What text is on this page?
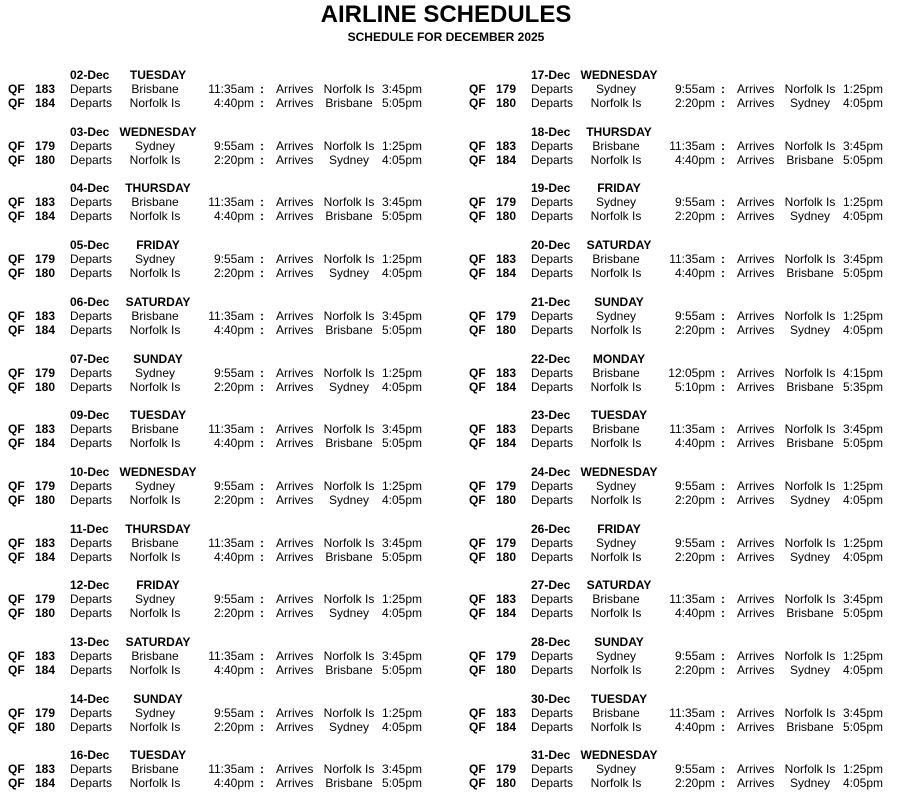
AIRLINE SCHEDULES
SCHEDULE FOR DECEMBER 2025
02-Dec TUESDAY
QF 183 Departs Brisbane 11:35am : Arrives Norfolk Is 3:45pm
QF 184 Departs Norfolk Is	4:40pm : Arrives Brisbane 5:05pm
03-Dec WEDNESDAY
QF 179 Departs Sydney	9:55am : Arrives Norfolk Is 1:25pm
QF 180 Departs Norfolk Is	2:20pm : Arrives Sydney 4:05pm
04-Dec THURSDAY
QF 183 Departs Brisbane 11:35am : Arrives Norfolk Is 3:45pm
QF 184 Departs Norfolk Is	4:40pm : Arrives Brisbane 5:05pm
05-Dec FRIDAY
QF 179 Departs Sydney	9:55am : Arrives Norfolk Is 1:25pm
QF 180 Departs Norfolk Is	2:20pm : Arrives Sydney 4:05pm
06-Dec SATURDAY
QF 183 Departs Brisbane 11:35am : Arrives Norfolk Is 3:45pm
QF 184 Departs Norfolk Is	4:40pm : Arrives Brisbane 5:05pm
07-Dec SUNDAY
QF 179 Departs Sydney	9:55am : Arrives Norfolk Is 1:25pm
QF 180 Departs Norfolk Is	2:20pm : Arrives Sydney 4:05pm
09-Dec TUESDAY
QF 183 Departs Brisbane 11:35am : Arrives Norfolk Is 3:45pm
QF 184 Departs Norfolk Is	4:40pm : Arrives Brisbane 5:05pm
10-Dec WEDNESDAY
QF 179 Departs Sydney	9:55am : Arrives Norfolk Is 1:25pm
QF 180 Departs Norfolk Is	2:20pm : Arrives Sydney 4:05pm
11-Dec THURSDAY
QF 183 Departs Brisbane 11:35am : Arrives Norfolk Is 3:45pm
QF 184 Departs Norfolk Is	4:40pm : Arrives Brisbane 5:05pm
12-Dec FRIDAY
QF 179 Departs Sydney	9:55am : Arrives Norfolk Is 1:25pm
QF 180 Departs Norfolk Is	2:20pm : Arrives Sydney 4:05pm
13-Dec SATURDAY
QF 183 Departs Brisbane 11:35am : Arrives Norfolk Is 3:45pm
QF 184 Departs Norfolk Is	4:40pm : Arrives Brisbane 5:05pm
14-Dec SUNDAY
QF 179 Departs Sydney	9:55am : Arrives Norfolk Is 1:25pm
QF 180 Departs Norfolk Is	2:20pm : Arrives Sydney 4:05pm
16-Dec TUESDAY
QF 183 Departs Brisbane 11:35am : Arrives Norfolk Is 3:45pm
QF 184 Departs Norfolk Is	4:40pm : Arrives Brisbane 5:05pm
17-Dec WEDNESDAY
QF 179 Departs Sydney	9:55am : Arrives Norfolk Is 1:25pm
QF 180 Departs Norfolk Is	2:20pm : Arrives Sydney 4:05pm
18-Dec THURSDAY
QF 183 Departs Brisbane 11:35am : Arrives Norfolk Is 3:45pm
QF 184 Departs Norfolk Is	4:40pm : Arrives Brisbane 5:05pm
19-Dec FRIDAY
QF 179 Departs Sydney	9:55am : Arrives Norfolk Is 1:25pm
QF 180 Departs Norfolk Is	2:20pm : Arrives Sydney 4:05pm
20-Dec SATURDAY
QF 183 Departs Brisbane 11:35am : Arrives Norfolk Is 3:45pm
QF 184 Departs Norfolk Is	4:40pm : Arrives Brisbane 5:05pm
21-Dec SUNDAY
QF 179 Departs Sydney	9:55am : Arrives Norfolk Is 1:25pm
QF 180 Departs Norfolk Is	2:20pm : Arrives Sydney 4:05pm
22-Dec MONDAY
QF 183 Departs Brisbane 12:05pm : Arrives Norfolk Is 4:15pm
QF 184 Departs Norfolk Is	5:10pm : Arrives Brisbane 5:35pm
23-Dec TUESDAY
QF 183 Departs Brisbane 11:35am : Arrives Norfolk Is 3:45pm
QF 184 Departs Norfolk Is	4:40pm : Arrives Brisbane 5:05pm
24-Dec WEDNESDAY
QF 179 Departs Sydney	9:55am : Arrives Norfolk Is 1:25pm
QF 180 Departs Norfolk Is	2:20pm : Arrives Sydney 4:05pm
26-Dec FRIDAY
QF 179 Departs Sydney	9:55am : Arrives Norfolk Is 1:25pm
QF 180 Departs Norfolk Is	2:20pm : Arrives Sydney 4:05pm
27-Dec SATURDAY
QF 183 Departs Brisbane 11:35am : Arrives Norfolk Is 3:45pm
QF 184 Departs Norfolk Is	4:40pm : Arrives Brisbane 5:05pm
28-Dec SUNDAY
QF 179 Departs Sydney	9:55am : Arrives Norfolk Is 1:25pm
QF 180 Departs Norfolk Is	2:20pm : Arrives Sydney 4:05pm
30-Dec TUESDAY
QF 183 Departs Brisbane 11:35am : Arrives Norfolk Is 3:45pm
QF 184 Departs Norfolk Is	4:40pm : Arrives Brisbane 5:05pm
31-Dec WEDNESDAY
QF 179 Departs Sydney	9:55am : Arrives Norfolk Is 1:25pm
QF 180 Departs Norfolk Is	2:20pm : Arrives Sydney 4:05pm
